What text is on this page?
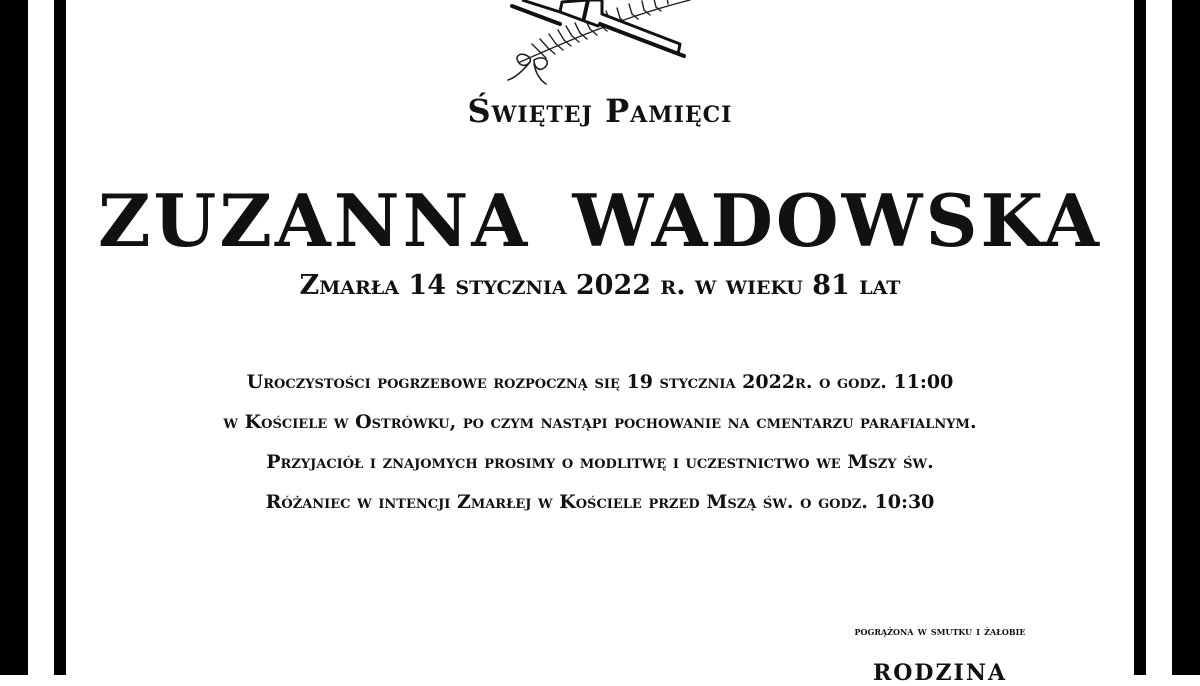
Świętej Pamięci
ZUZANNA WADOWSKA
Zmarła 14 stycznia 2022 r. w wieku 81 lat
Uroczystości pogrzebowe rozpoczną się 19 stycznia 2022r. o godz. 11:00
w Kościele w Ostrówku, po czym nastąpi pochowanie na cmentarzu parafialnym.
Przyjaciół i znajomych prosimy o modlitwę i uczestnictwo we Mszy św.
Różaniec w intencji Zmarłej w Kościele przed Mszą św. o godz. 10:30
pogrążona w smutku i żałobie
RODZINA
